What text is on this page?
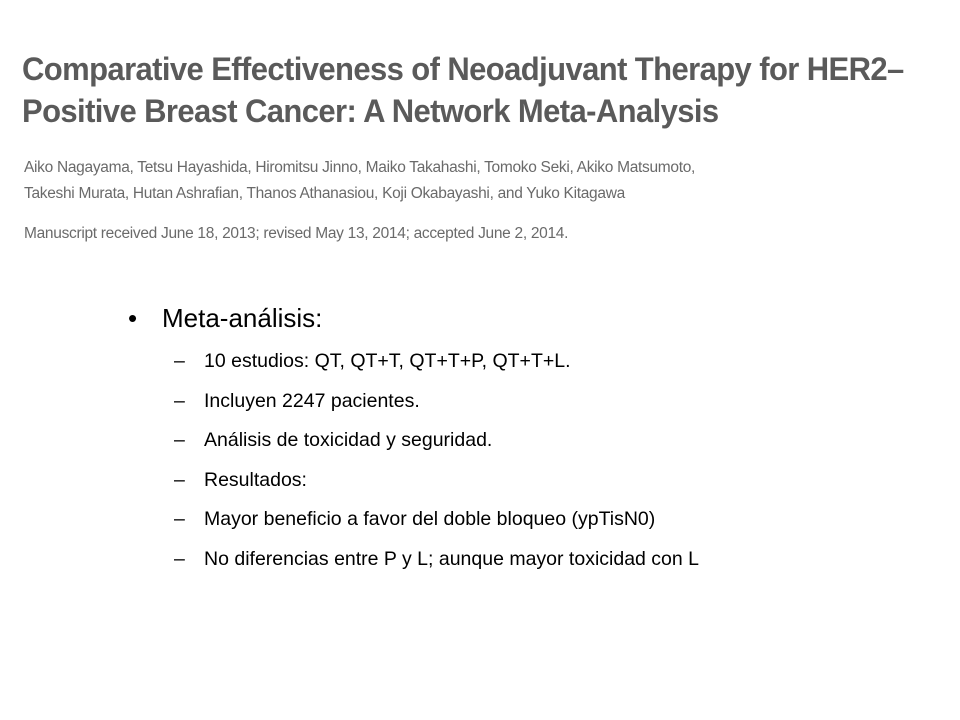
Comparative Effectiveness of Neoadjuvant Therapy for HER2–
Positive Breast Cancer: A Network Meta-Analysis
Aiko Nagayama, Tetsu Hayashida, Hiromitsu Jinno, Maiko Takahashi, Tomoko Seki, Akiko Matsumoto,
Takeshi Murata, Hutan Ashrafian, Thanos Athanasiou, Koji Okabayashi, and Yuko Kitagawa
Manuscript received June 18, 2013; revised May 13, 2014; accepted June 2, 2014.
• Meta-análisis:
– 10 estudios: QT, QT+T, QT+T+P, QT+T+L.
– Incluyen 2247 pacientes.
– Análisis de toxicidad y seguridad.
– Resultados:
– Mayor beneficio a favor del doble bloqueo (ypTisN0)
– No diferencias entre P y L; aunque mayor toxicidad con L
